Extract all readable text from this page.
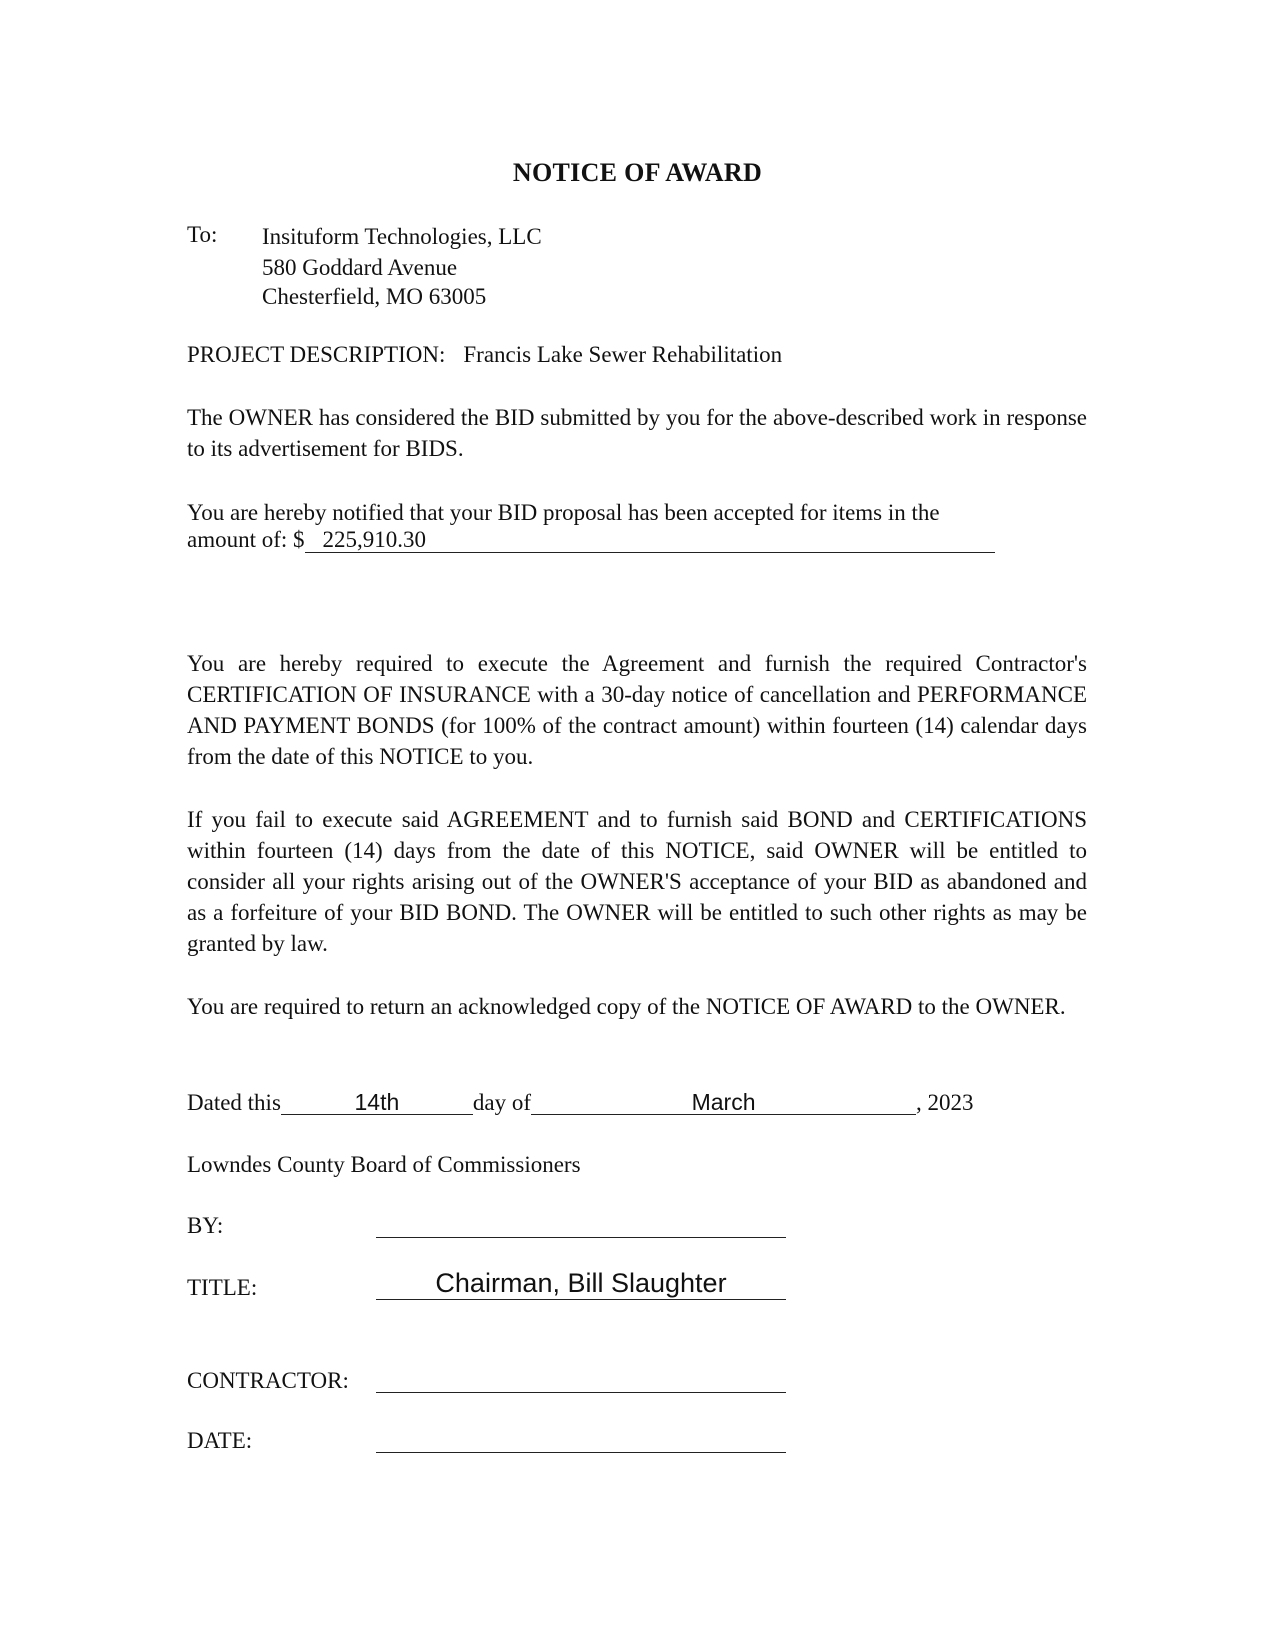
NOTICE OF AWARD
To: Insituform Technologies, LLC
580 Goddard Avenue
Chesterfield, MO 63005
PROJECT DESCRIPTION: Francis Lake Sewer Rehabilitation
The OWNER has considered the BID submitted by you for the above-described work in response to its advertisement for BIDS.
You are hereby notified that your BID proposal has been accepted for items in the
amount of: $ 225,910.30
You are hereby required to execute the Agreement and furnish the required Contractor's CERTIFICATION OF INSURANCE with a 30-day notice of cancellation and PERFORMANCE AND PAYMENT BONDS (for 100% of the contract amount) within fourteen (14) calendar days from the date of this NOTICE to you.
If you fail to execute said AGREEMENT and to furnish said BOND and CERTIFICATIONS within fourteen (14) days from the date of this NOTICE, said OWNER will be entitled to consider all your rights arising out of the OWNER'S acceptance of your BID as abandoned and as a forfeiture of your BID BOND. The OWNER will be entitled to such other rights as may be granted by law.
You are required to return an acknowledged copy of the NOTICE OF AWARD to the OWNER.
Dated this	14th	day of	March	, 2023
Lowndes County Board of Commissioners
BY:
TITLE:	Chairman, Bill Slaughter
CONTRACTOR:
DATE:
